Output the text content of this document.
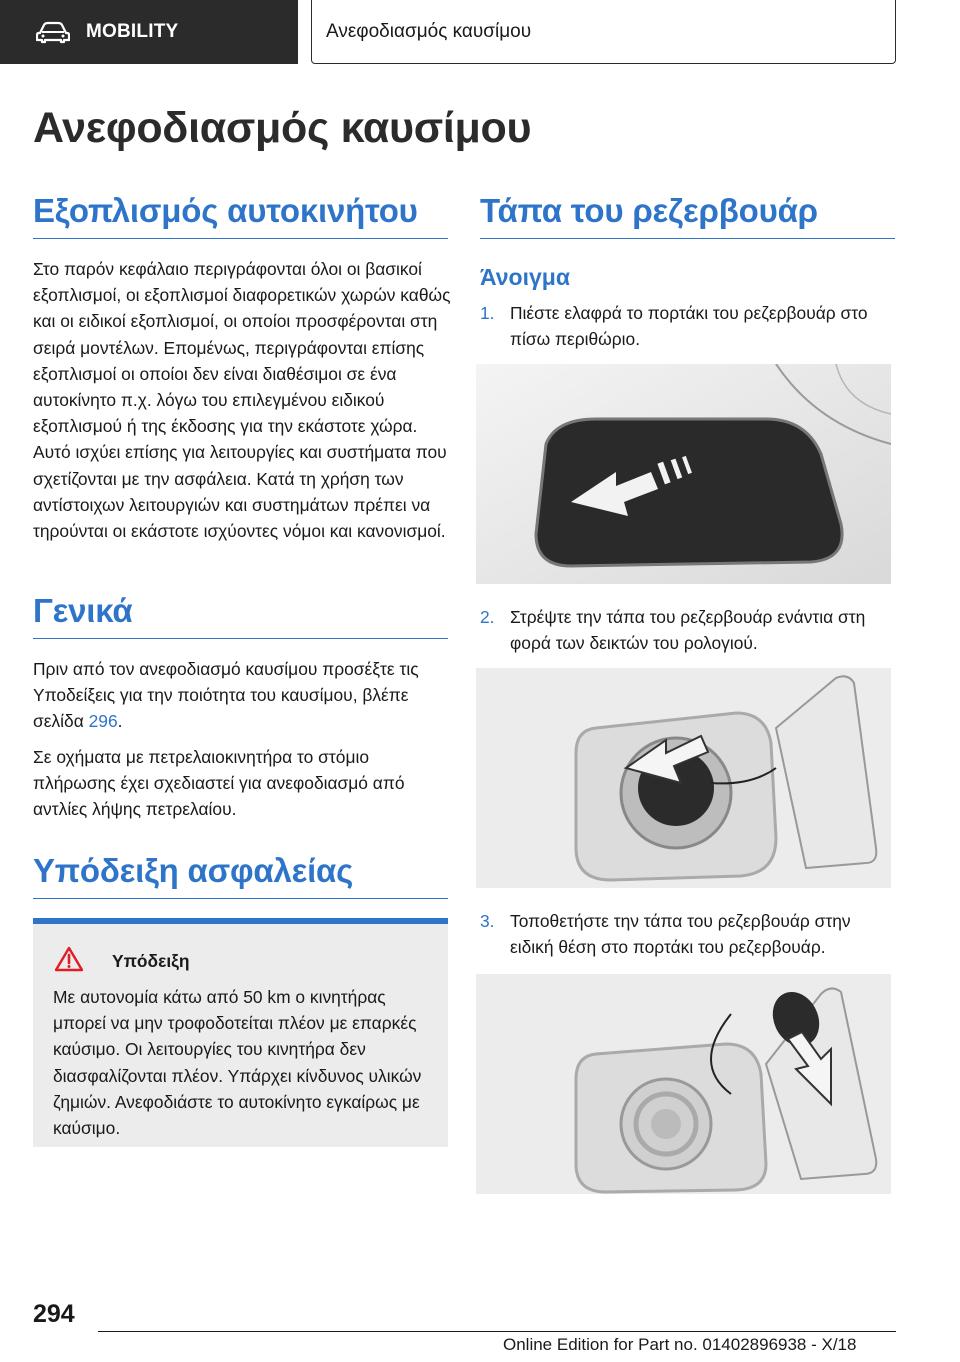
MOBILITY	Ανεφοδιασμός καυσίμου
Ανεφοδιασμός καυσίμου
Εξοπλισμός αυτοκινήτου

Στο παρόν κεφάλαιο περιγράφονται όλοι οι βασικοί εξοπλισμοί, οι εξοπλισμοί διαφορετικών χωρών καθώς και οι ειδικοί εξοπλισμοί, οι οποίοι προσφέρονται στη σειρά μοντέλων. Επομένως, περιγράφονται επίσης εξοπλισμοί οι οποίοι δεν είναι διαθέσιμοι σε ένα αυτοκίνητο π.χ. λόγω του επιλεγμένου ειδικού εξοπλισμού ή της έκδοσης για την εκάστοτε χώρα. Αυτό ισχύει επίσης για λειτουργίες και συστήματα που σχετίζονται με την ασφάλεια. Κατά τη χρήση των αντίστοιχων λειτουργιών και συστημάτων πρέπει να τηρούνται οι εκάστοτε ισχύοντες νόμοι και κανονισμοί.

Γενικά

Πριν από τον ανεφοδιασμό καυσίμου προσέξτε τις Υποδείξεις για την ποιότητα του καυσίμου, βλέπε σελίδα 296.

Σε οχήματα με πετρελαιοκινητήρα το στόμιο πλήρωσης έχει σχεδιαστεί για ανεφοδιασμό από αντλίες λήψης πετρελαίου.

Υπόδειξη ασφαλείας
Υπόδειξη
Με αυτονομία κάτω από 50 km ο κινητήρας μπορεί να μην τροφοδοτείται πλέον με επαρκές καύσιμο. Οι λειτουργίες του κινητήρα δεν διασφαλίζονται πλέον. Υπάρχει κίνδυνος υλικών ζημιών. Ανεφοδιάστε το αυτοκίνητο εγκαίρως με καύσιμο.
Τάπα του ρεζερβουάρ
Άνοιγμα
1. Πιέστε ελαφρά το πορτάκι του ρεζερβουάρ στο πίσω περιθώριο.
2. Στρέψτε την τάπα του ρεζερβουάρ ενάντια στη φορά των δεικτών του ρολογιού.
3. Τοποθετήστε την τάπα του ρεζερβουάρ στην ειδική θέση στο πορτάκι του ρεζερβουάρ.
294
Online Edition for Part no. 01402896938 - X/18
